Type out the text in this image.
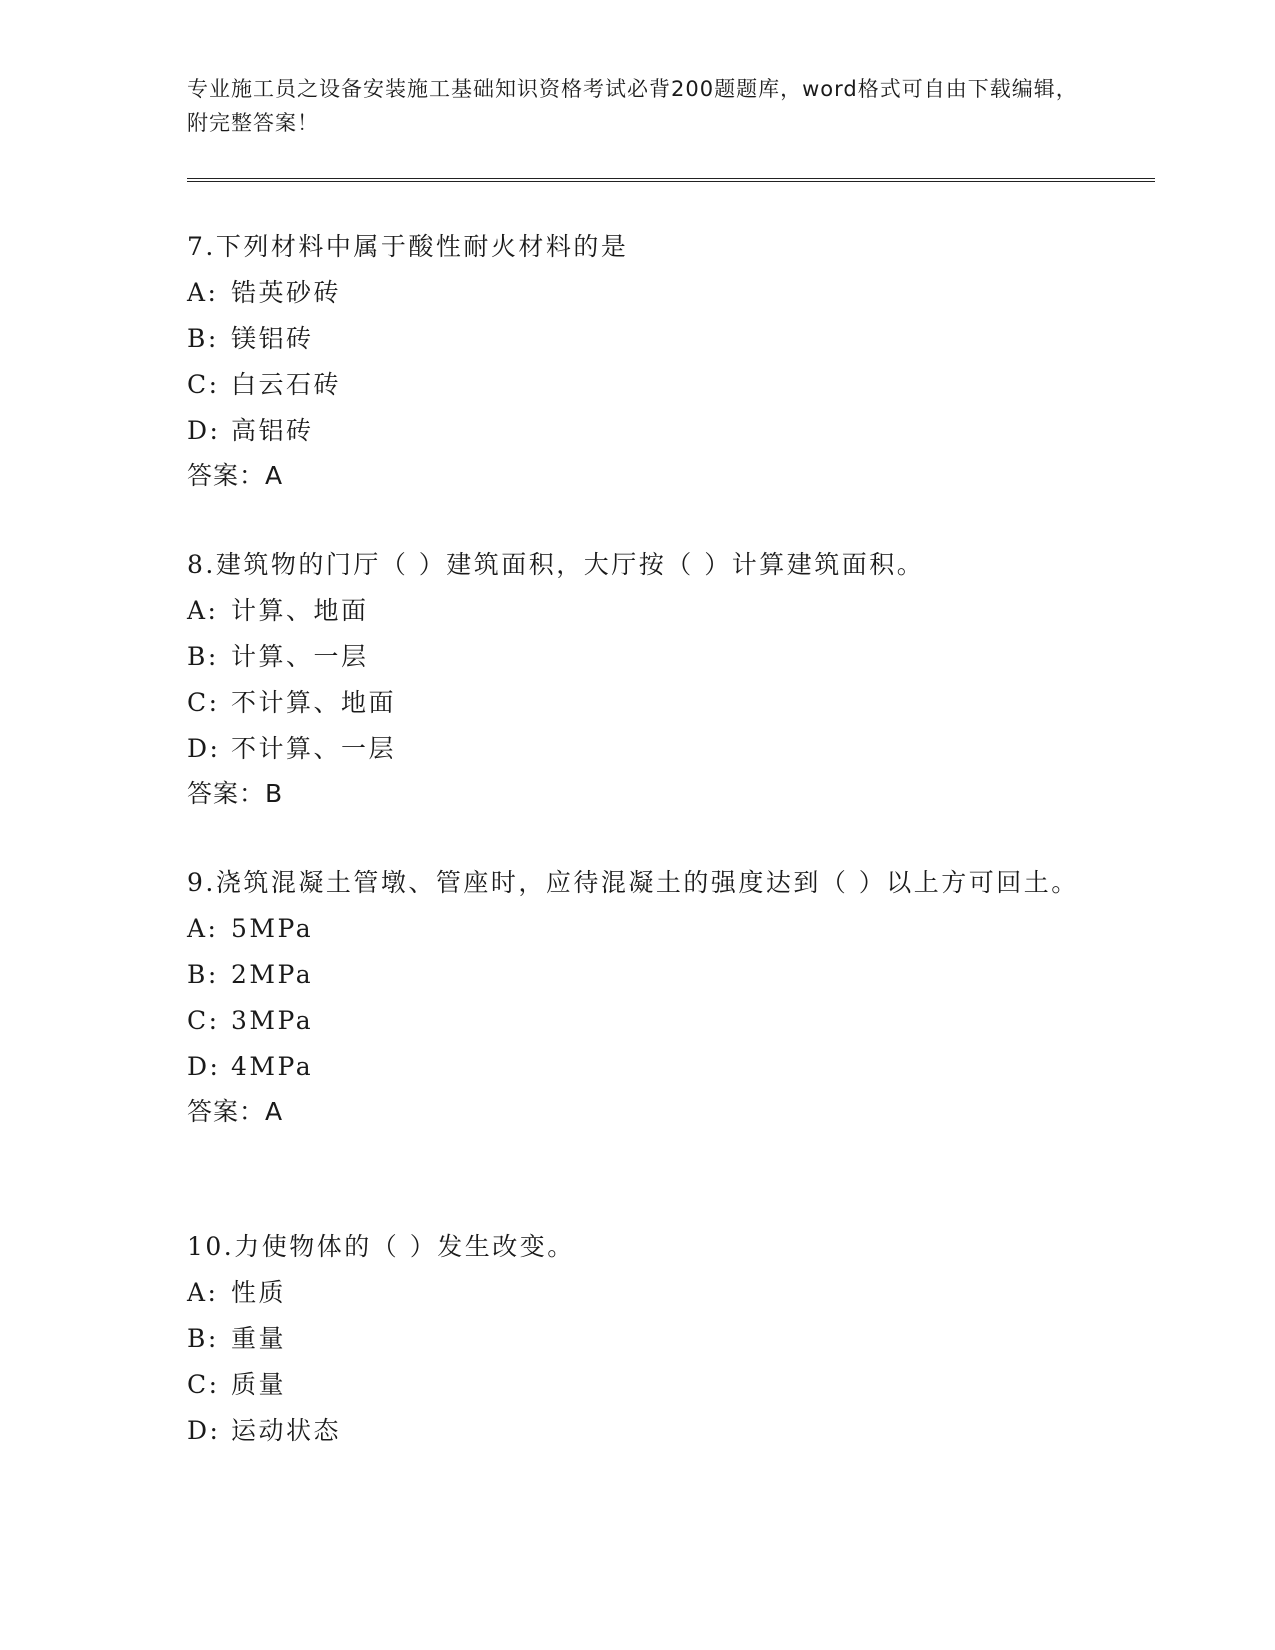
专业施工员之设备安装施工基础知识资格考试必背200题题库，word格式可自由下载编辑，附完整答案！

7.下列材料中属于酸性耐火材料的是

A: 锆英砂砖

B: 镁铝砖

C: 白云石砖

D: 高铝砖

答案：A

8.建筑物的门厅（ ）建筑面积，大厅按（ ）计算建筑面积。

A: 计算、地面

B: 计算、一层

C: 不计算、地面

D: 不计算、一层

答案：B

9.浇筑混凝土管墩、管座时，应待混凝土的强度达到（ ）以上方可回土。

A: 5MPa

B: 2MPa

C: 3MPa

D: 4MPa

答案：A

10.力使物体的（ ）发生改变。

A: 性质

B: 重量

C: 质量

D: 运动状态
